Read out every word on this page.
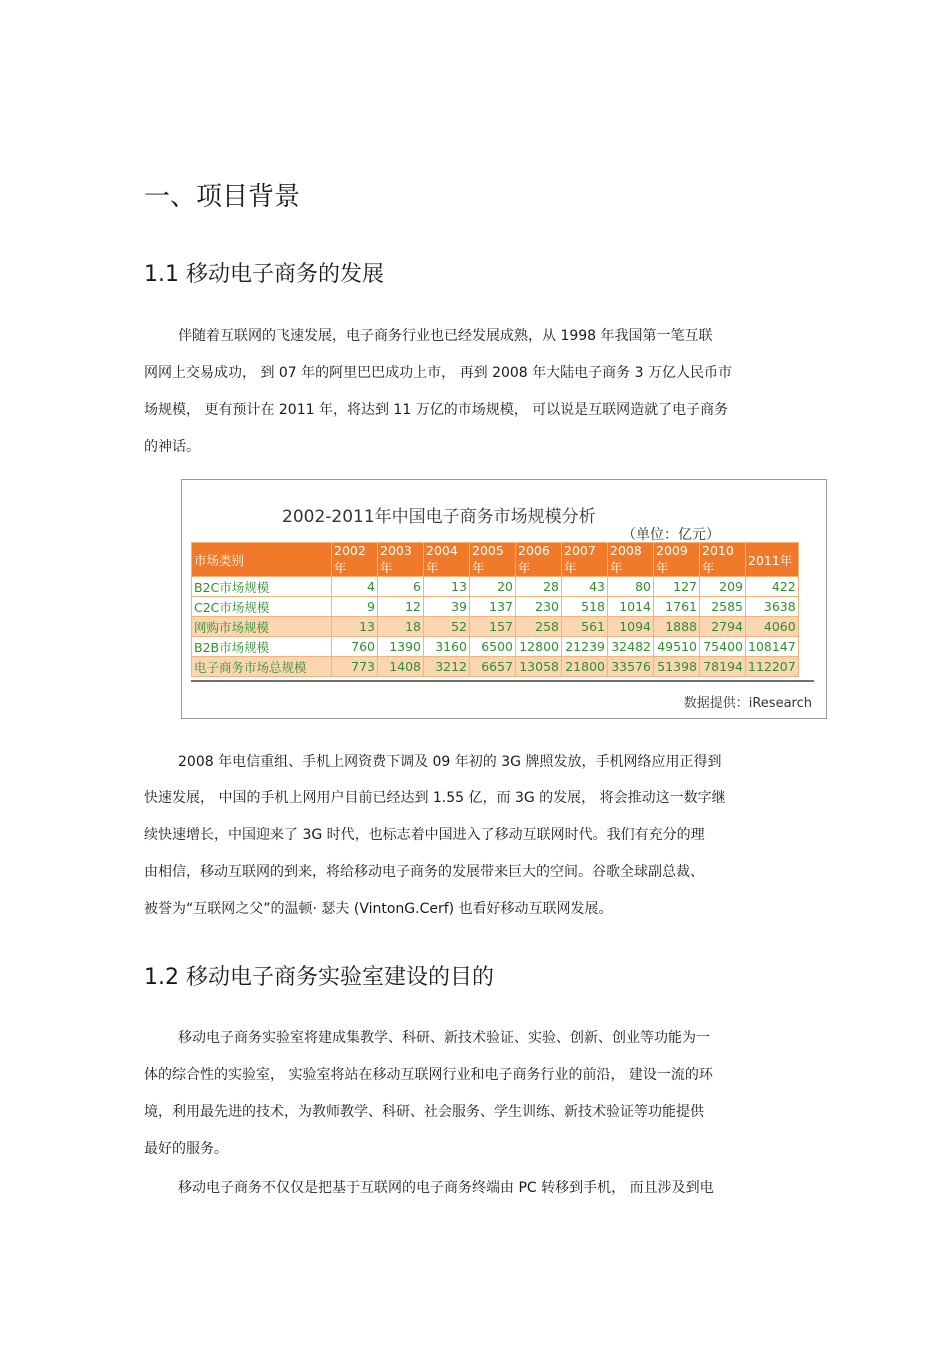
一、项目背景
1.1 移动电子商务的发展
伴随着互联网的飞速发展，电子商务行业也已经发展成熟，从 1998 年我国第一笔互联
网网上交易成功， 到 07 年的阿里巴巴成功上市， 再到 2008 年大陆电子商务 3 万亿人民币市
场规模， 更有预计在 2011 年，将达到 11 万亿的市场规模， 可以说是互联网造就了电子商务
的神话。
2002-2011年中国电子商务市场规模分析
（单位：亿元）
市场类别	2002年	2003年	2004年	2005年	2006年	2007年	2008年	2009年	2010年	2011年
B2C市场规模	4	6	13	20	28	43	80	127	209	422
C2C市场规模	9	12	39	137	230	518	1014	1761	2585	3638
网购市场规模	13	18	52	157	258	561	1094	1888	2794	4060
B2B市场规模	760	1390	3160	6500	12800	21239	32482	49510	75400	108147
电子商务市场总规模	773	1408	3212	6657	13058	21800	33576	51398	78194	112207
数据提供：iResearch
2008 年电信重组、手机上网资费下调及 09 年初的 3G 牌照发放，手机网络应用正得到
快速发展， 中国的手机上网用户目前已经达到 1.55 亿，而 3G 的发展， 将会推动这一数字继
续快速增长，中国迎来了 3G 时代，也标志着中国进入了移动互联网时代。我们有充分的理
由相信，移动互联网的到来，将给移动电子商务的发展带来巨大的空间。谷歌全球副总裁、
被誉为“互联网之父”的温顿· 瑟夫 (VintonG.Cerf) 也看好移动互联网发展。
1.2 移动电子商务实验室建设的目的
移动电子商务实验室将建成集教学、科研、新技术验证、实验、创新、创业等功能为一
体的综合性的实验室， 实验室将站在移动互联网行业和电子商务行业的前沿， 建设一流的环
境，利用最先进的技术，为教师教学、科研、社会服务、学生训练、新技术验证等功能提供
最好的服务。
移动电子商务不仅仅是把基于互联网的电子商务终端由 PC 转移到手机， 而且涉及到电
